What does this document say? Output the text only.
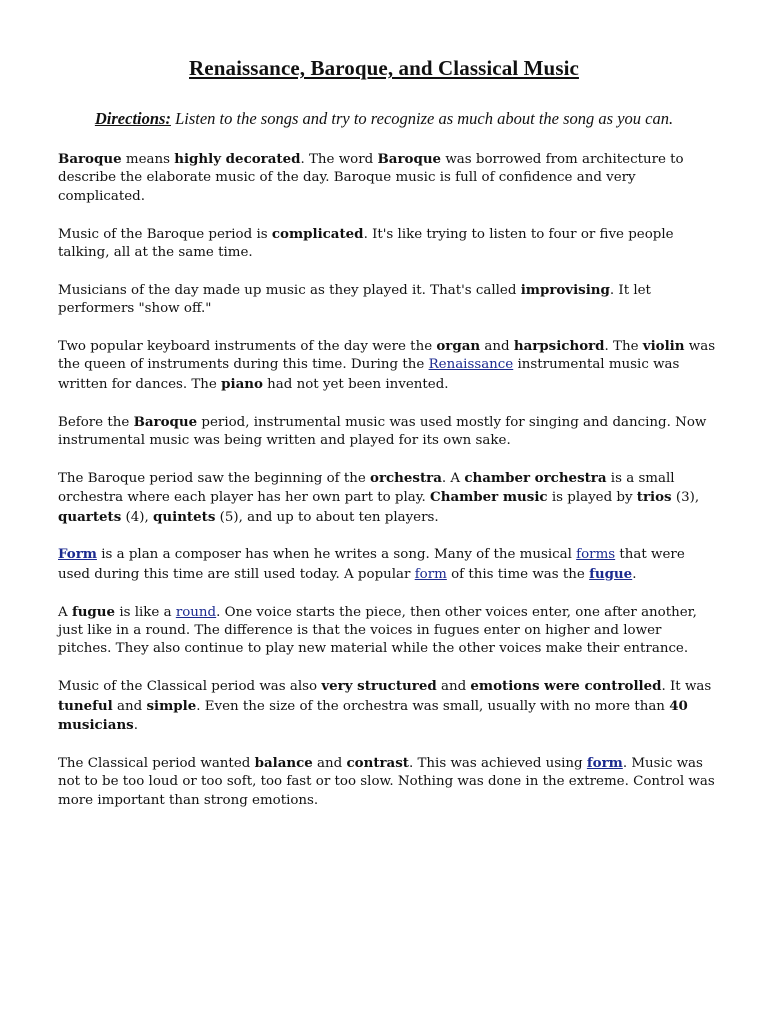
Renaissance, Baroque, and Classical Music
Directions: Listen to the songs and try to recognize as much about the song as you can.

Baroque means highly decorated. The word Baroque was borrowed from architecture to describe the elaborate music of the day. Baroque music is full of confidence and very complicated.

Music of the Baroque period is complicated. It's like trying to listen to four or five people talking, all at the same time.

Musicians of the day made up music as they played it. That's called improvising. It let performers "show off."

Two popular keyboard instruments of the day were the organ and harpsichord. The violin was the queen of instruments during this time. During the Renaissance instrumental music was written for dances. The piano had not yet been invented.

Before the Baroque period, instrumental music was used mostly for singing and dancing. Now instrumental music was being written and played for its own sake.

The Baroque period saw the beginning of the orchestra. A chamber orchestra is a small orchestra where each player has her own part to play. Chamber music is played by trios (3), quartets (4), quintets (5), and up to about ten players.

Form is a plan a composer has when he writes a song. Many of the musical forms that were used during this time are still used today. A popular form of this time was the fugue.

A fugue is like a round. One voice starts the piece, then other voices enter, one after another, just like in a round. The difference is that the voices in fugues enter on higher and lower pitches. They also continue to play new material while the other voices make their entrance.

Music of the Classical period was also very structured and emotions were controlled. It was tuneful and simple. Even the size of the orchestra was small, usually with no more than 40 musicians.

The Classical period wanted balance and contrast. This was achieved using form. Music was not to be too loud or too soft, too fast or too slow. Nothing was done in the extreme. Control was more important than strong emotions.
